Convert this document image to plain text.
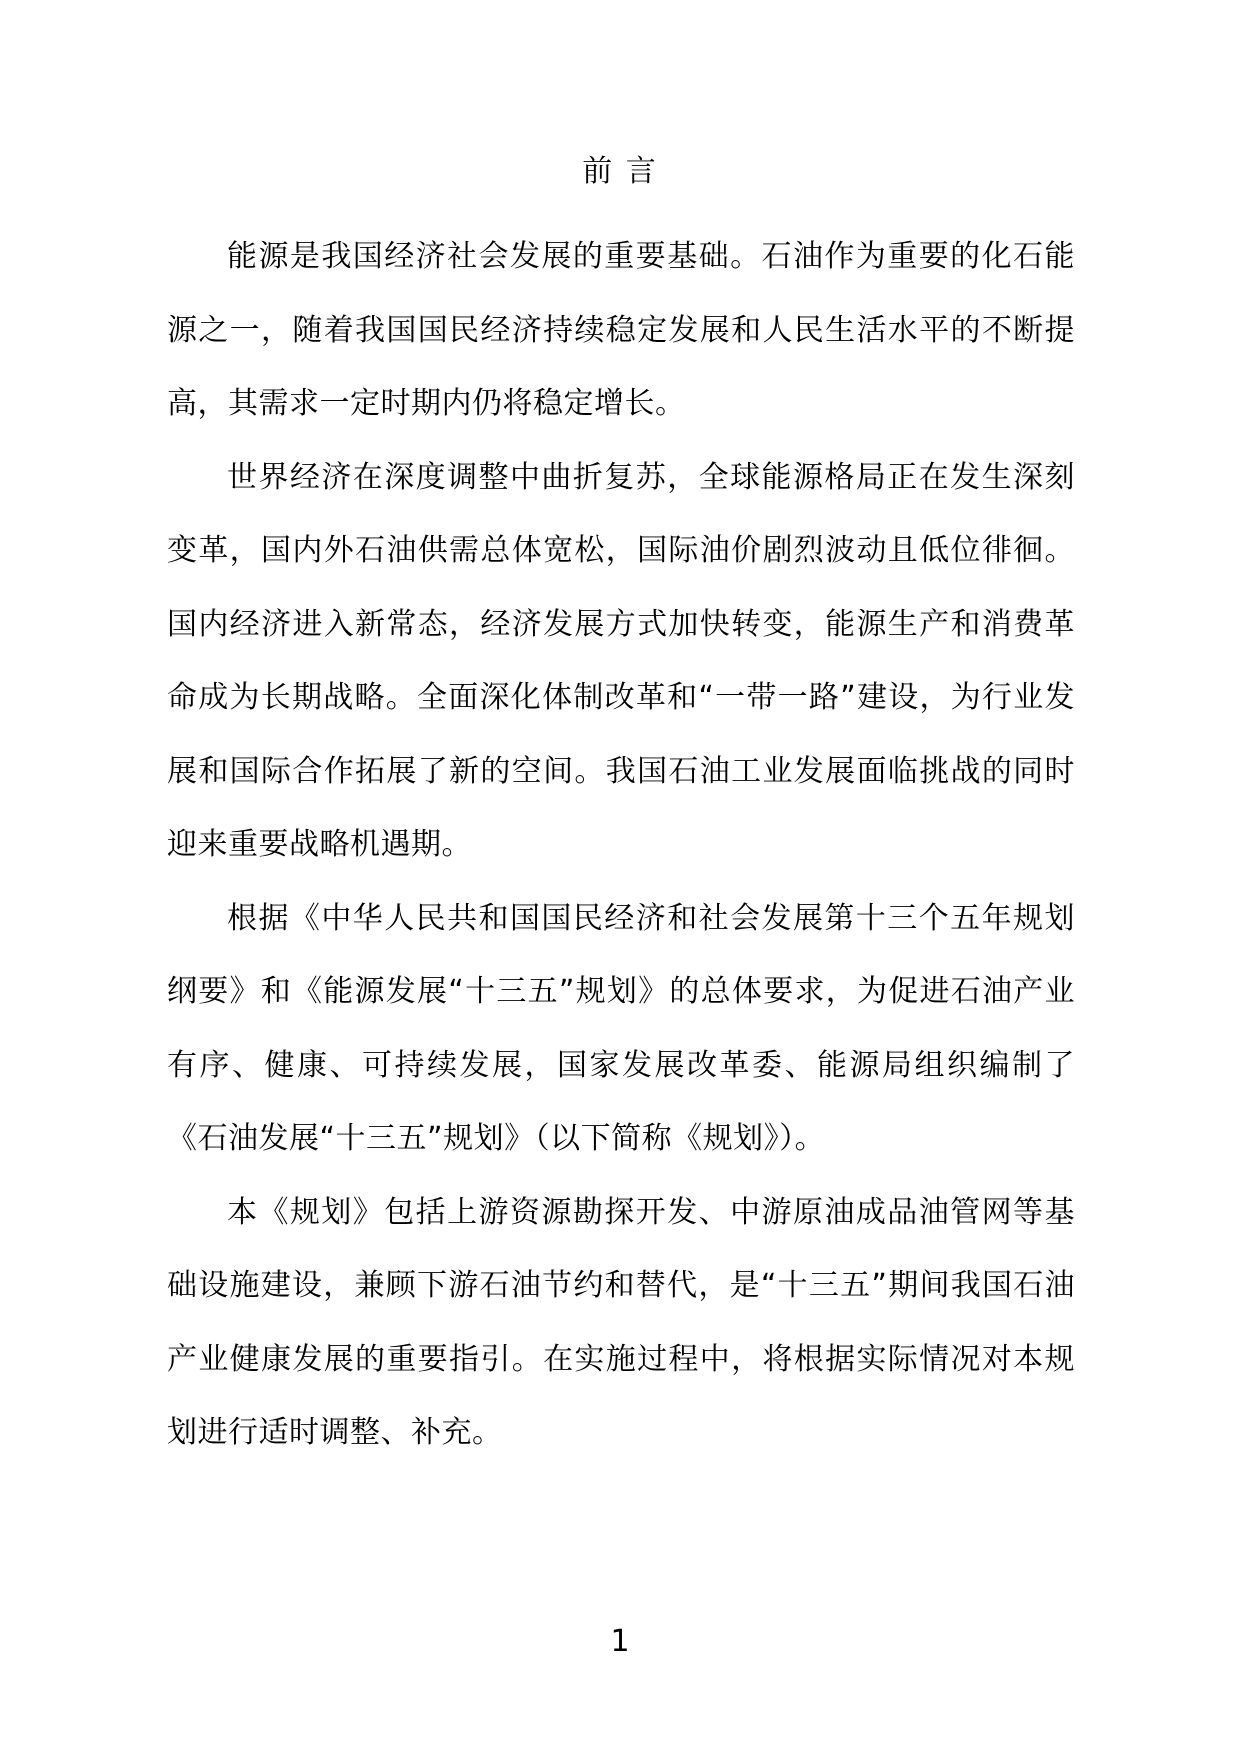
前 言

能源是我国经济社会发展的重要基础。石油作为重要的化石能源之一，随着我国国民经济持续稳定发展和人民生活水平的不断提高，其需求一定时期内仍将稳定增长。

世界经济在深度调整中曲折复苏，全球能源格局正在发生深刻变革，国内外石油供需总体宽松，国际油价剧烈波动且低位徘徊。国内经济进入新常态，经济发展方式加快转变，能源生产和消费革命成为长期战略。全面深化体制改革和“一带一路”建设，为行业发展和国际合作拓展了新的空间。我国石油工业发展面临挑战的同时迎来重要战略机遇期。

根据《中华人民共和国国民经济和社会发展第十三个五年规划纲要》和《能源发展“十三五”规划》的总体要求，为促进石油产业有序、健康、可持续发展，国家发展改革委、能源局组织编制了《石油发展“十三五”规划》（以下简称《规划》）。

本《规划》包括上游资源勘探开发、中游原油成品油管网等基础设施建设，兼顾下游石油节约和替代，是“十三五”期间我国石油产业健康发展的重要指引。在实施过程中，将根据实际情况对本规划进行适时调整、补充。

1
